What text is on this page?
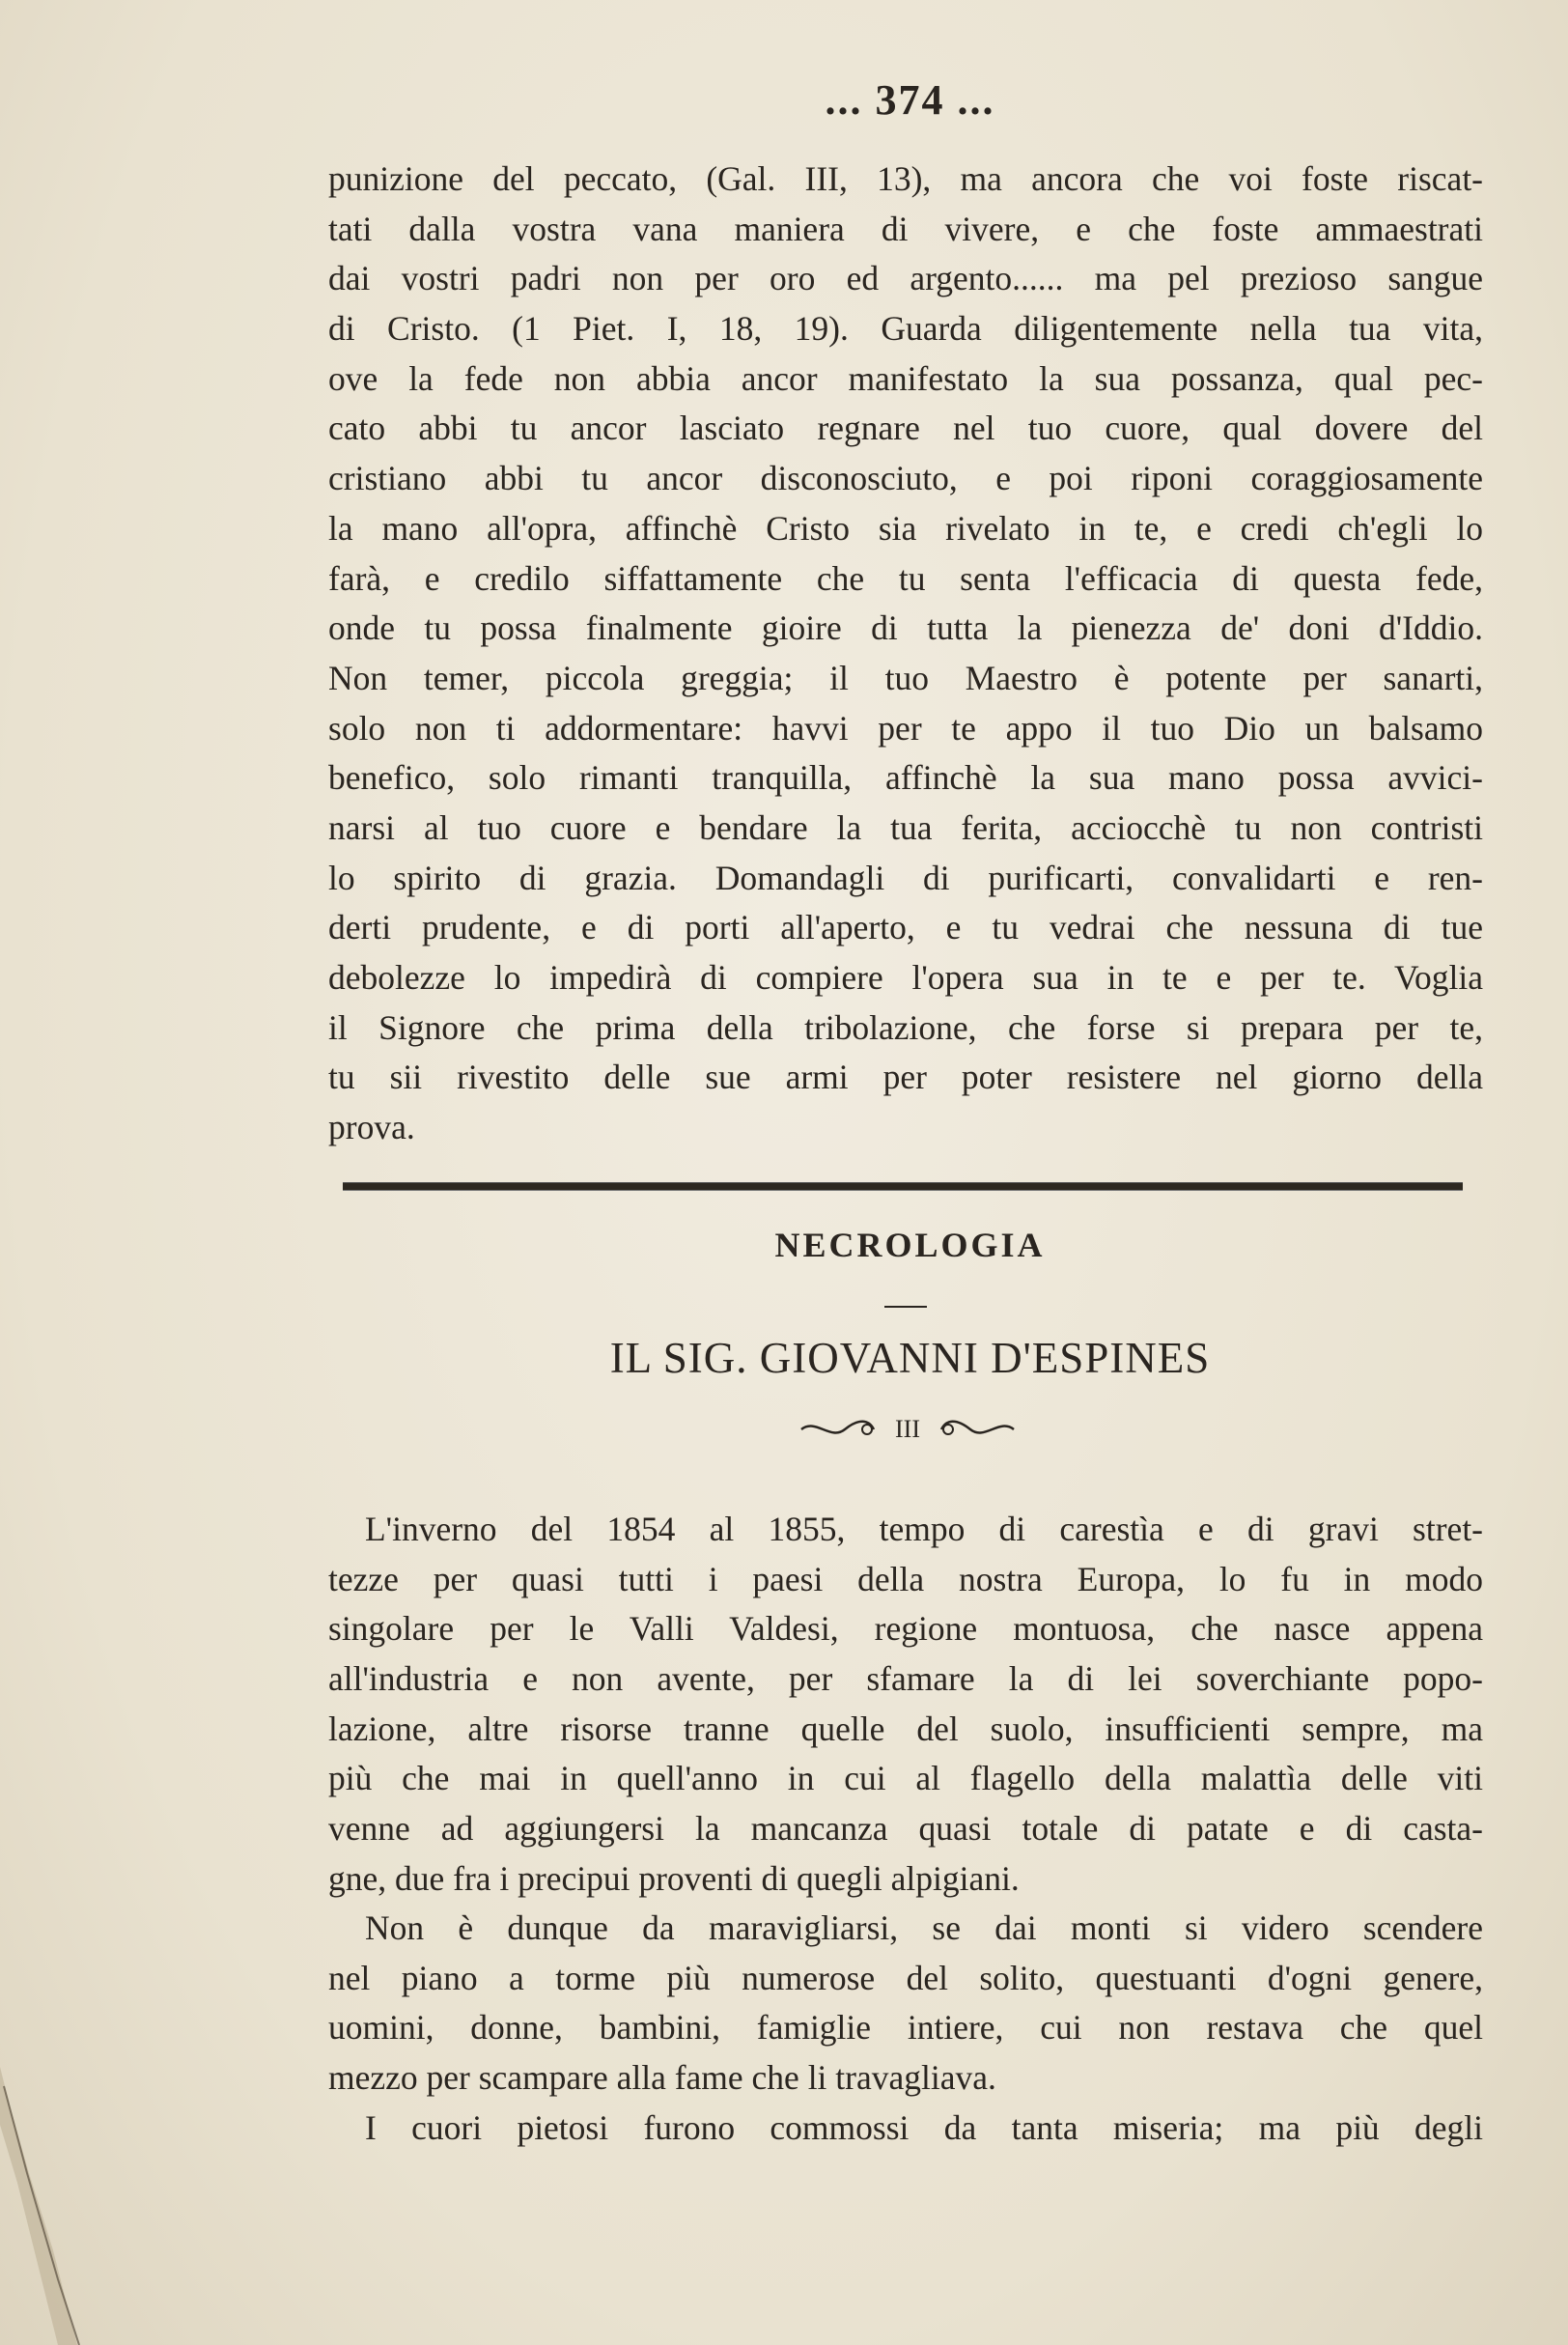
... 374 ...
punizione del peccato, (Gal. III, 13), ma ancora che voi foste riscat-
tati dalla vostra vana maniera di vivere, e che foste ammaestrati
dai vostri padri non per oro ed argento...... ma pel prezioso sangue
di Cristo. (1 Piet. I, 18, 19). Guarda diligentemente nella tua vita,
ove la fede non abbia ancor manifestato la sua possanza, qual pec-
cato abbi tu ancor lasciato regnare nel tuo cuore, qual dovere del
cristiano abbi tu ancor disconosciuto, e poi riponi coraggiosamente
la mano all'opra, affinchè Cristo sia rivelato in te, e credi ch'egli lo
farà, e credilo siffattamente che tu senta l'efficacia di questa fede,
onde tu possa finalmente gioire di tutta la pienezza de' doni d'Iddio.
Non temer, piccola greggia; il tuo Maestro è potente per sanarti,
solo non ti addormentare: havvi per te appo il tuo Dio un balsamo
benefico, solo rimanti tranquilla, affinchè la sua mano possa avvici-
narsi al tuo cuore e bendare la tua ferita, acciocchè tu non contristi
lo spirito di grazia. Domandagli di purificarti, convalidarti e ren-
derti prudente, e di porti all'aperto, e tu vedrai che nessuna di tue
debolezze lo impedirà di compiere l'opera sua in te e per te. Voglia
il Signore che prima della tribolazione, che forse si prepara per te,
tu sii rivestito delle sue armi per poter resistere nel giorno della
prova.
NECROLOGIA
IL SIG. GIOVANNI D'ESPINES
III
L'inverno del 1854 al 1855, tempo di carestìa e di gravi stret-
tezze per quasi tutti i paesi della nostra Europa, lo fu in modo
singolare per le Valli Valdesi, regione montuosa, che nasce appena
all'industria e non avente, per sfamare la di lei soverchiante popo-
lazione, altre risorse tranne quelle del suolo, insufficienti sempre, ma
più che mai in quell'anno in cui al flagello della malattìa delle viti
venne ad aggiungersi la mancanza quasi totale di patate e di casta-
gne, due fra i precipui proventi di quegli alpigiani.
Non è dunque da maravigliarsi, se dai monti si videro scendere
nel piano a torme più numerose del solito, questuanti d'ogni genere,
uomini, donne, bambini, famiglie intiere, cui non restava che quel
mezzo per scampare alla fame che li travagliava.
I cuori pietosi furono commossi da tanta miseria; ma più degli
